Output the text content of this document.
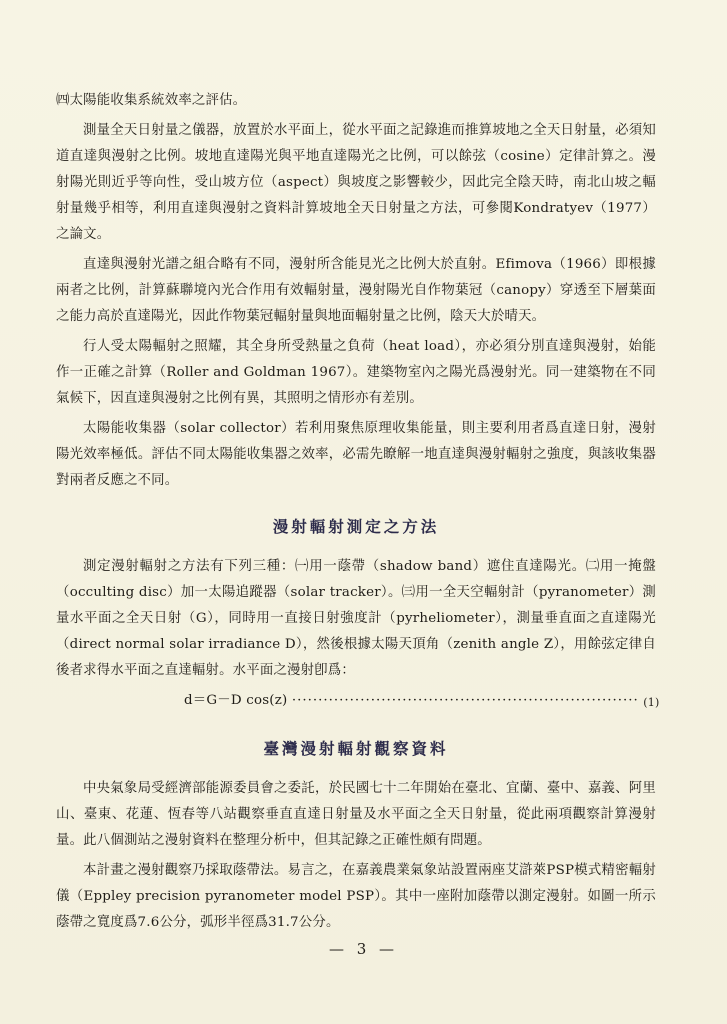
㈣太陽能收集系統效率之評估。

測量全天日射量之儀器，放置於水平面上，從水平面之記錄進而推算坡地之全天日射量，必須知道直達與漫射之比例。坡地直達陽光與平地直達陽光之比例，可以餘弦（cosine）定律計算之。漫射陽光則近乎等向性，受山坡方位（aspect）與坡度之影響較少，因此完全陰天時，南北山坡之輻射量幾乎相等，利用直達與漫射之資料計算坡地全天日射量之方法，可參閱Kondratyev（1977）之論文。

直達與漫射光譜之組合略有不同，漫射所含能見光之比例大於直射。Efimova（1966）即根據兩者之比例，計算蘇聯境內光合作用有效輻射量，漫射陽光自作物葉冠（canopy）穿透至下層葉面之能力高於直達陽光，因此作物葉冠輻射量與地面輻射量之比例，陰天大於晴天。

行人受太陽輻射之照耀，其全身所受熱量之負荷（heat load），亦必須分別直達與漫射，始能作一正確之計算（Roller and Goldman 1967）。建築物室內之陽光爲漫射光。同一建築物在不同氣候下，因直達與漫射之比例有異，其照明之情形亦有差別。

太陽能收集器（solar collector）若利用聚焦原理收集能量，則主要利用者爲直達日射，漫射陽光效率極低。評估不同太陽能收集器之效率，必需先瞭解一地直達與漫射輻射之強度，與該收集器對兩者反應之不同。

漫射輻射測定之方法

測定漫射輻射之方法有下列三種：㈠用一蔭帶（shadow band）遮住直達陽光。㈡用一掩盤（occulting disc）加一太陽追蹤器（solar tracker）。㈢用一全天空輻射計（pyranometer）測量水平面之全天日射（G），同時用一直接日射強度計（pyrheliometer），測量垂直面之直達陽光（direct normal solar irradiance D），然後根據太陽天頂角（zenith angle Z），用餘弦定律自後者求得水平面之直達輻射。水平面之漫射卽爲：

d＝G－D cos(z) ·································································· (1)
臺灣漫射輻射觀察資料

中央氣象局受經濟部能源委員會之委託，於民國七十二年開始在臺北、宜蘭、臺中、嘉義、阿里山、臺東、花蓮、恆春等八站觀察垂直直達日射量及水平面之全天日射量，從此兩項觀察計算漫射量。此八個測站之漫射資料在整理分析中，但其記錄之正確性頗有問題。

本計畫之漫射觀察乃採取蔭帶法。易言之，在嘉義農業氣象站設置兩座艾滸萊PSP模式精密輻射儀（Eppley precision pyranometer model PSP）。其中一座附加蔭帶以測定漫射。如圖一所示蔭帶之寬度爲7.6公分，弧形半徑爲31.7公分。

— 3 —
